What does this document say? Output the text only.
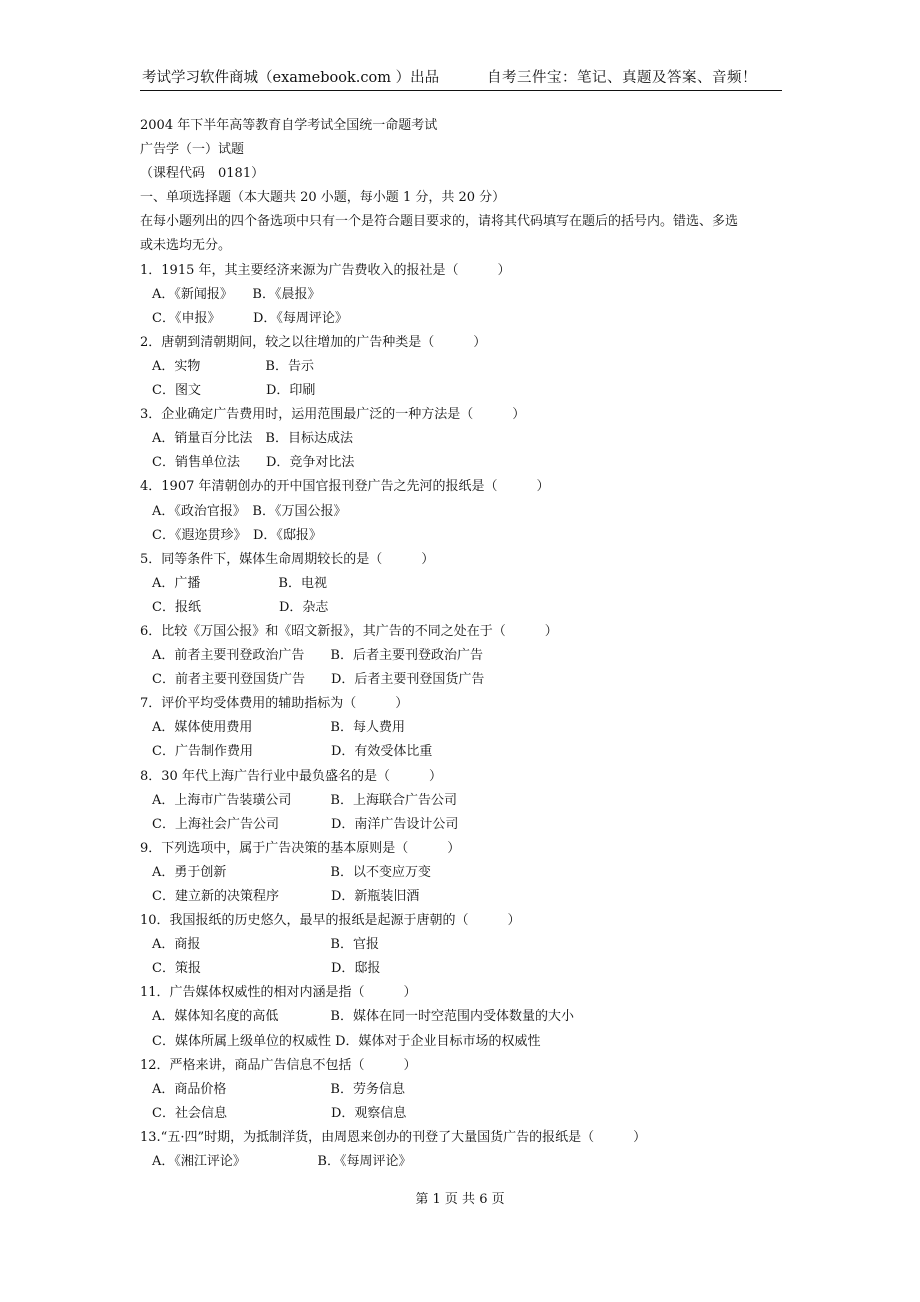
考试学习软件商城（examebook.com ）出品	自考三件宝：笔记、真题及答案、音频！
2004 年下半年高等教育自学考试全国统一命题考试
广告学（一）试题
（课程代码　0181）
一、单项选择题（本大题共 20 小题，每小题 1 分，共 20 分）
在每小题列出的四个备选项中只有一个是符合题目要求的，请将其代码填写在题后的括号内。错选、多选
或未选均无分。
1．1915 年，其主要经济来源为广告费收入的报社是（　　　）
A．《新闻报》　　B．《晨报》
C．《申报》　　　D．《每周评论》
2．唐朝到清朝期间，较之以往增加的广告种类是（　　　）
A．实物　　　　　B．告示
C．图文　　　　　D．印刷
3．企业确定广告费用时，运用范围最广泛的一种方法是（　　　）
A．销量百分比法　B．目标达成法
C．销售单位法　　D．竞争对比法
4．1907 年清朝创办的开中国官报刊登广告之先河的报纸是（　　　）
A．《政治官报》　B．《万国公报》
C．《遐迩贯珍》　D．《邸报》
5．同等条件下，媒体生命周期较长的是（　　　）
A．广播　　　　　　B．电视
C．报纸　　　　　　D．杂志
6．比较《万国公报》和《昭文新报》，其广告的不同之处在于（　　　）
A．前者主要刊登政治广告　　B．后者主要刊登政治广告
C．前者主要刊登国货广告　　D．后者主要刊登国货广告
7．评价平均受体费用的辅助指标为（　　　）
A．媒体使用费用　　　　　　B．每人费用
C．广告制作费用　　　　　　D．有效受体比重
8．30 年代上海广告行业中最负盛名的是（　　　）
A．上海市广告装璜公司　　　B．上海联合广告公司
C．上海社会广告公司　　　　D．南洋广告设计公司
9．下列选项中，属于广告决策的基本原则是（　　　）
A．勇于创新　　　　　　　　B．以不变应万变
C．建立新的决策程序　　　　D．新瓶装旧酒
10．我国报纸的历史悠久，最早的报纸是起源于唐朝的（　　　）
A．商报　　　　　　　　　　B．官报
C．策报　　　　　　　　　　D．邸报
11．广告媒体权威性的相对内涵是指（　　　）
A．媒体知名度的高低　　　　B．媒体在同一时空范围内受体数量的大小
C．媒体所属上级单位的权威性 D．媒体对于企业目标市场的权威性
12．严格来讲，商品广告信息不包括（　　　）
A．商品价格　　　　　　　　B．劳务信息
C．社会信息　　　　　　　　D．观察信息
13.“五·四”时期，为抵制洋货，由周恩来创办的刊登了大量国货广告的报纸是（　　　）
A．《湘江评论》　　　　　　B．《每周评论》
第 1 页 共 6 页
